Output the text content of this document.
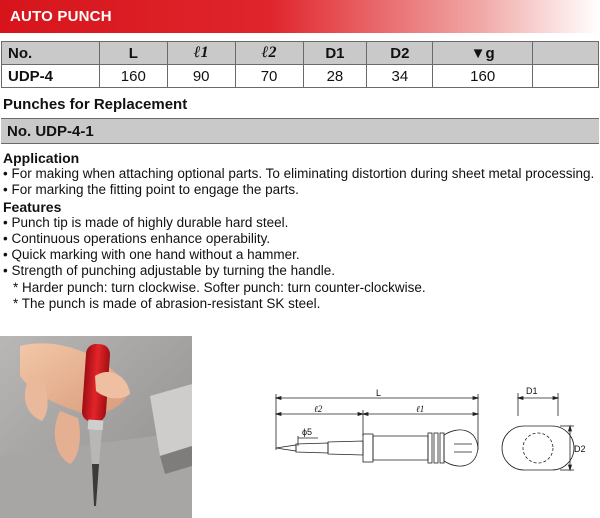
AUTO PUNCH
No.	L	ℓ1	ℓ2	D1	D2	▼g	
UDP-4	160	90	70	28	34	160	
Punches for Replacement
No. UDP-4-1
Application
• For making when attaching optional parts. To eliminating distortion during sheet metal processing.
• For marking the fitting point to engage the parts.
Features
• Punch tip is made of highly durable hard steel.
• Continuous operations enhance operability.
• Quick marking with one hand without a hammer.
• Strength of punching adjustable by turning the handle.
* Harder punch: turn clockwise. Softer punch: turn counter-clockwise.
* The punch is made of abrasion-resistant SK steel.
L
ℓ2	ℓ1
ϕ5
D1
D2
